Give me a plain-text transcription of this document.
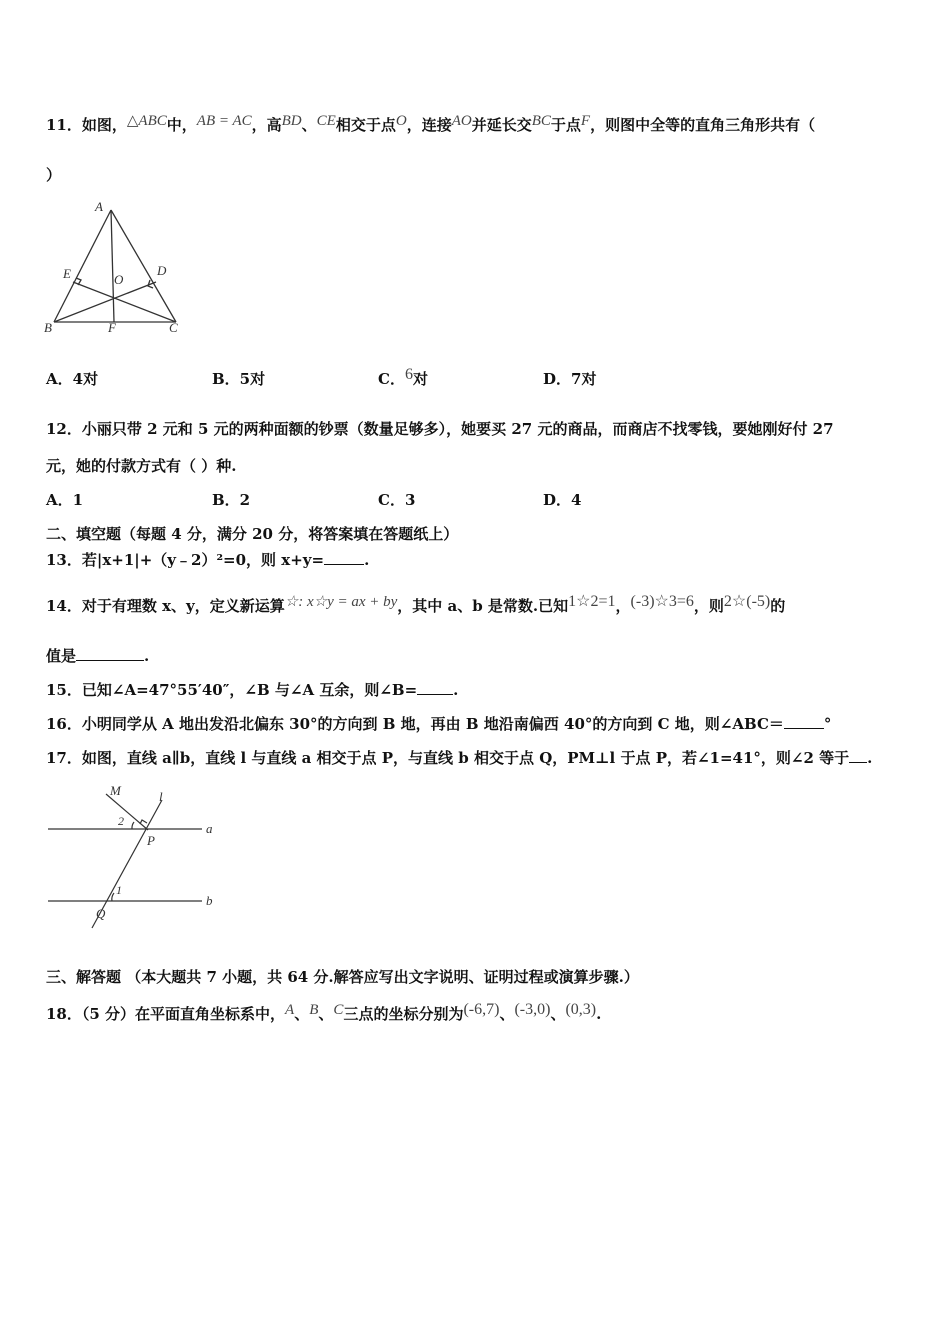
11．如图，△ABC中，AB = AC，高BD、CE相交于点O，连接AO并延长交BC于点F，则图中全等的直角三角形共有（
）
A
B	C
D
E
F
O
A．4对	B．5对	C．6对	D．7对
12．小丽只带 2 元和 5 元的两种面额的钞票（数量足够多），她要买 27 元的商品，而商店不找零钱，要她刚好付 27
元，她的付款方式有（ ）种.
A．1	B．2	C．3	D．4
二、填空题（每题 4 分，满分 20 分，将答案填在答题纸上）
13．若|x+1|+（y﹣2）²=0，则 x+y=	.
14．对于有理数 x、y，定义新运算☆: x☆y = ax + by，其中 a、b 是常数.已知1☆2=1，(-3)☆3=6，则2☆(-5)的
值是	.
15．已知∠A=47°55′40″，∠B 与∠A 互余，则∠B= .
16．小明同学从 A 地出发沿北偏东 30°的方向到 B 地，再由 B 地沿南偏西 40°的方向到 C 地，则∠ABC＝	°
17．如图，直线 a∥b，直线 l 与直线 a 相交于点 P，与直线 b 相交于点 Q，PM⊥l 于点 P，若∠1=41°，则∠2 等于 .
M	l
a
b
P
Q
1
2
三、解答题 （本大题共 7 小题，共 64 分.解答应写出文字说明、证明过程或演算步骤.）
18．（5 分）在平面直角坐标系中，A、B、C三点的坐标分别为(-6,7)、(-3,0)、(0,3).
